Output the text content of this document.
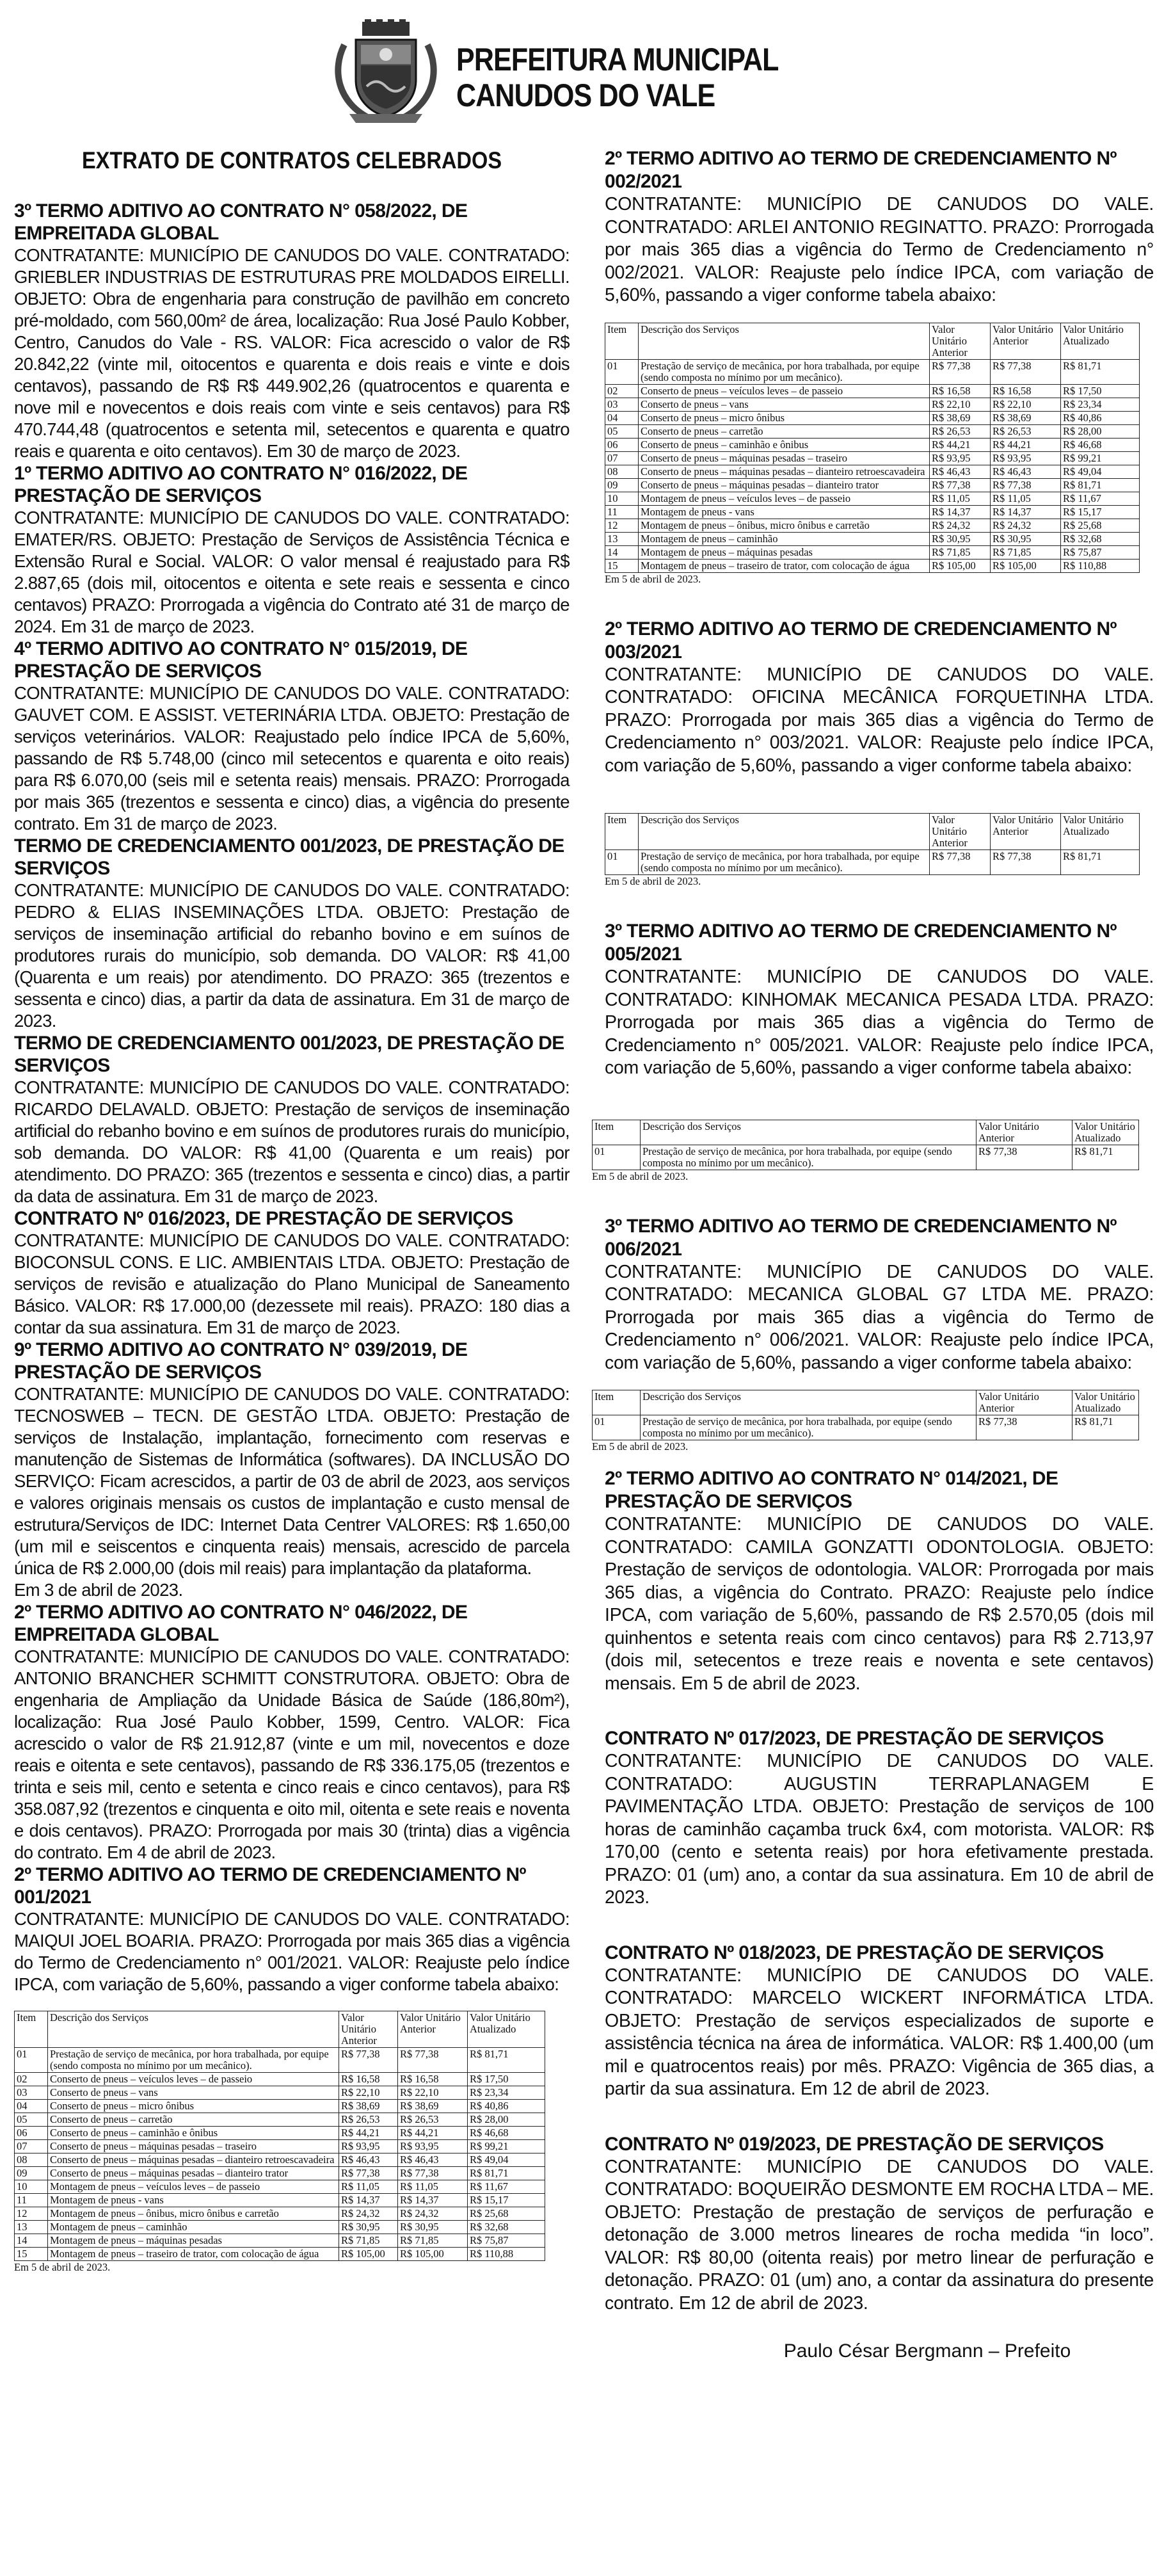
PREFEITURA MUNICIPAL
CANUDOS DO VALE
EXTRATO DE CONTRATOS CELEBRADOS

3º TERMO ADITIVO AO CONTRATO N° 058/2022, DE EMPREITADA GLOBAL

CONTRATANTE: MUNICÍPIO DE CANUDOS DO VALE. CONTRATADO: GRIEBLER INDUSTRIAS DE ESTRUTURAS PRE MOLDADOS EIRELLI. OBJETO: Obra de engenharia para construção de pavilhão em concreto pré-moldado, com 560,00m² de área, localização: Rua José Paulo Kobber, Centro, Canudos do Vale - RS. VALOR: Fica acrescido o valor de R$ 20.842,22 (vinte mil, oitocentos e quarenta e dois reais e vinte e dois centavos), passando de R$ R$ 449.902,26 (quatrocentos e quarenta e nove mil e novecentos e dois reais com vinte e seis centavos) para R$ 470.744,48 (quatrocentos e setenta mil, setecentos e quarenta e quatro reais e quarenta e oito centavos). Em 30 de março de 2023.

1º TERMO ADITIVO AO CONTRATO N° 016/2022, DE PRESTAÇÃO DE SERVIÇOS

CONTRATANTE: MUNICÍPIO DE CANUDOS DO VALE. CONTRATADO: EMATER/RS. OBJETO: Prestação de Serviços de Assistência Técnica e Extensão Rural e Social. VALOR: O valor mensal é reajustado para R$ 2.887,65 (dois mil, oitocentos e oitenta e sete reais e sessenta e cinco centavos) PRAZO: Prorrogada a vigência do Contrato até 31 de março de 2024. Em 31 de março de 2023.

4º TERMO ADITIVO AO CONTRATO N° 015/2019, DE PRESTAÇÃO DE SERVIÇOS

CONTRATANTE: MUNICÍPIO DE CANUDOS DO VALE. CONTRATADO: GAUVET COM. E ASSIST. VETERINÁRIA LTDA. OBJETO: Prestação de serviços veterinários. VALOR: Reajustado pelo índice IPCA de 5,60%, passando de R$ 5.748,00 (cinco mil setecentos e quarenta e oito reais) para R$ 6.070,00 (seis mil e setenta reais) mensais. PRAZO: Prorrogada por mais 365 (trezentos e sessenta e cinco) dias, a vigência do presente contrato. Em 31 de março de 2023.

TERMO DE CREDENCIAMENTO 001/2023, DE PRESTAÇÃO DE SERVIÇOS

CONTRATANTE: MUNICÍPIO DE CANUDOS DO VALE. CONTRATADO: PEDRO & ELIAS INSEMINAÇÕES LTDA. OBJETO: Prestação de serviços de inseminação artificial do rebanho bovino e em suínos de produtores rurais do município, sob demanda. DO VALOR: R$ 41,00 (Quarenta e um reais) por atendimento. DO PRAZO: 365 (trezentos e sessenta e cinco) dias, a partir da data de assinatura. Em 31 de março de 2023.

TERMO DE CREDENCIAMENTO 001/2023, DE PRESTAÇÃO DE SERVIÇOS

CONTRATANTE: MUNICÍPIO DE CANUDOS DO VALE. CONTRATADO: RICARDO DELAVALD. OBJETO: Prestação de serviços de inseminação artificial do rebanho bovino e em suínos de produtores rurais do município, sob demanda. DO VALOR: R$ 41,00 (Quarenta e um reais) por atendimento. DO PRAZO: 365 (trezentos e sessenta e cinco) dias, a partir da data de assinatura. Em 31 de março de 2023.

CONTRATO Nº 016/2023, DE PRESTAÇÃO DE SERVIÇOS

CONTRATANTE: MUNICÍPIO DE CANUDOS DO VALE. CONTRATADO: BIOCONSUL CONS. E LIC. AMBIENTAIS LTDA. OBJETO: Prestação de serviços de revisão e atualização do Plano Municipal de Saneamento Básico. VALOR: R$ 17.000,00 (dezessete mil reais). PRAZO: 180 dias a contar da sua assinatura. Em 31 de março de 2023.

9º TERMO ADITIVO AO CONTRATO N° 039/2019, DE PRESTAÇÃO DE SERVIÇOS

CONTRATANTE: MUNICÍPIO DE CANUDOS DO VALE. CONTRATADO: TECNOSWEB – TECN. DE GESTÃO LTDA. OBJETO: Prestação de serviços de Instalação, implantação, fornecimento com reservas e manutenção de Sistemas de Informática (softwares). DA INCLUSÃO DO SERVIÇO: Ficam acrescidos, a partir de 03 de abril de 2023, aos serviços e valores originais mensais os custos de implantação e custo mensal de estrutura/Serviços de IDC: Internet Data Centrer VALORES: R$ 1.650,00 (um mil e seiscentos e cinquenta reais) mensais, acrescido de parcela única de R$ 2.000,00 (dois mil reais) para implantação da plataforma.

Em 3 de abril de 2023.

2º TERMO ADITIVO AO CONTRATO N° 046/2022, DE EMPREITADA GLOBAL

CONTRATANTE: MUNICÍPIO DE CANUDOS DO VALE. CONTRATADO: ANTONIO BRANCHER SCHMITT CONSTRUTORA. OBJETO: Obra de engenharia de Ampliação da Unidade Básica de Saúde (186,80m²), localização: Rua José Paulo Kobber, 1599, Centro. VALOR: Fica acrescido o valor de R$ 21.912,87 (vinte e um mil, novecentos e doze reais e oitenta e sete centavos), passando de R$ 336.175,05 (trezentos e trinta e seis mil, cento e setenta e cinco reais e cinco centavos), para R$ 358.087,92 (trezentos e cinquenta e oito mil, oitenta e sete reais e noventa e dois centavos). PRAZO: Prorrogada por mais 30 (trinta) dias a vigência do contrato. Em 4 de abril de 2023.

2º TERMO ADITIVO AO TERMO DE CREDENCIAMENTO Nº 001/2021

CONTRATANTE: MUNICÍPIO DE CANUDOS DO VALE. CONTRATADO: MAIQUI JOEL BOARIA. PRAZO: Prorrogada por mais 365 dias a vigência do Termo de Credenciamento n° 001/2021. VALOR: Reajuste pelo índice IPCA, com variação de 5,60%, passando a viger conforme tabela abaixo:

Item	Descrição dos Serviços	Valor Unitário Anterior	Valor Unitário Anterior	Valor Unitário Atualizado
01	Prestação de serviço de mecânica, por hora trabalhada, por equipe (sendo composta no mínimo por um mecânico).	R$ 77,38	R$ 77,38	R$ 81,71
02	Conserto de pneus – veículos leves – de passeio	R$ 16,58	R$ 16,58	R$ 17,50
03	Conserto de pneus – vans	R$ 22,10	R$ 22,10	R$ 23,34
04	Conserto de pneus – micro ônibus	R$ 38,69	R$ 38,69	R$ 40,86
05	Conserto de pneus – carretão	R$ 26,53	R$ 26,53	R$ 28,00
06	Conserto de pneus – caminhão e ônibus	R$ 44,21	R$ 44,21	R$ 46,68
07	Conserto de pneus – máquinas pesadas – traseiro	R$ 93,95	R$ 93,95	R$ 99,21
08	Conserto de pneus – máquinas pesadas – dianteiro retroescavadeira	R$ 46,43	R$ 46,43	R$ 49,04
09	Conserto de pneus – máquinas pesadas – dianteiro trator	R$ 77,38	R$ 77,38	R$ 81,71
10	Montagem de pneus – veículos leves – de passeio	R$ 11,05	R$ 11,05	R$ 11,67
11	Montagem de pneus - vans	R$ 14,37	R$ 14,37	R$ 15,17
12	Montagem de pneus – ônibus, micro ônibus e carretão	R$ 24,32	R$ 24,32	R$ 25,68
13	Montagem de pneus – caminhão	R$ 30,95	R$ 30,95	R$ 32,68
14	Montagem de pneus – máquinas pesadas	R$ 71,85	R$ 71,85	R$ 75,87
15	Montagem de pneus – traseiro de trator, com colocação de água	R$ 105,00	R$ 105,00	R$ 110,88

Em 5 de abril de 2023.

2º TERMO ADITIVO AO TERMO DE CREDENCIAMENTO Nº 002/2021

CONTRATANTE: MUNICÍPIO DE CANUDOS DO VALE. CONTRATADO: ARLEI ANTONIO REGINATTO. PRAZO: Prorrogada por mais 365 dias a vigência do Termo de Credenciamento n° 002/2021. VALOR: Reajuste pelo índice IPCA, com variação de 5,60%, passando a viger conforme tabela abaixo:

Item	Descrição dos Serviços	Valor Unitário Anterior	Valor Unitário Anterior	Valor Unitário Atualizado
01	Prestação de serviço de mecânica, por hora trabalhada, por equipe (sendo composta no mínimo por um mecânico).	R$ 77,38	R$ 77,38	R$ 81,71
02	Conserto de pneus – veículos leves – de passeio	R$ 16,58	R$ 16,58	R$ 17,50
03	Conserto de pneus – vans	R$ 22,10	R$ 22,10	R$ 23,34
04	Conserto de pneus – micro ônibus	R$ 38,69	R$ 38,69	R$ 40,86
05	Conserto de pneus – carretão	R$ 26,53	R$ 26,53	R$ 28,00
06	Conserto de pneus – caminhão e ônibus	R$ 44,21	R$ 44,21	R$ 46,68
07	Conserto de pneus – máquinas pesadas – traseiro	R$ 93,95	R$ 93,95	R$ 99,21
08	Conserto de pneus – máquinas pesadas – dianteiro retroescavadeira	R$ 46,43	R$ 46,43	R$ 49,04
09	Conserto de pneus – máquinas pesadas – dianteiro trator	R$ 77,38	R$ 77,38	R$ 81,71
10	Montagem de pneus – veículos leves – de passeio	R$ 11,05	R$ 11,05	R$ 11,67
11	Montagem de pneus - vans	R$ 14,37	R$ 14,37	R$ 15,17
12	Montagem de pneus – ônibus, micro ônibus e carretão	R$ 24,32	R$ 24,32	R$ 25,68
13	Montagem de pneus – caminhão	R$ 30,95	R$ 30,95	R$ 32,68
14	Montagem de pneus – máquinas pesadas	R$ 71,85	R$ 71,85	R$ 75,87
15	Montagem de pneus – traseiro de trator, com colocação de água	R$ 105,00	R$ 105,00	R$ 110,88

Em 5 de abril de 2023.

2º TERMO ADITIVO AO TERMO DE CREDENCIAMENTO Nº 003/2021

CONTRATANTE: MUNICÍPIO DE CANUDOS DO VALE. CONTRATADO: OFICINA MECÂNICA FORQUETINHA LTDA. PRAZO: Prorrogada por mais 365 dias a vigência do Termo de Credenciamento n° 003/2021. VALOR: Reajuste pelo índice IPCA, com variação de 5,60%, passando a viger conforme tabela abaixo:

Item	Descrição dos Serviços	Valor Unitário Anterior	Valor Unitário Anterior	Valor Unitário Atualizado
01	Prestação de serviço de mecânica, por hora trabalhada, por equipe (sendo composta no mínimo por um mecânico).	R$ 77,38	R$ 77,38	R$ 81,71

Em 5 de abril de 2023.

3º TERMO ADITIVO AO TERMO DE CREDENCIAMENTO Nº 005/2021

CONTRATANTE: MUNICÍPIO DE CANUDOS DO VALE. CONTRATADO: KINHOMAK MECANICA PESADA LTDA. PRAZO: Prorrogada por mais 365 dias a vigência do Termo de Credenciamento n° 005/2021. VALOR: Reajuste pelo índice IPCA, com variação de 5,60%, passando a viger conforme tabela abaixo:

Item	Descrição dos Serviços	Valor Unitário Anterior	Valor Unitário Atualizado
01	Prestação de serviço de mecânica, por hora trabalhada, por equipe (sendo composta no mínimo por um mecânico).	R$ 77,38	R$ 81,71

Em 5 de abril de 2023.

3º TERMO ADITIVO AO TERMO DE CREDENCIAMENTO Nº 006/2021

CONTRATANTE: MUNICÍPIO DE CANUDOS DO VALE. CONTRATADO: MECANICA GLOBAL G7 LTDA ME. PRAZO: Prorrogada por mais 365 dias a vigência do Termo de Credenciamento n° 006/2021. VALOR: Reajuste pelo índice IPCA, com variação de 5,60%, passando a viger conforme tabela abaixo:

Item	Descrição dos Serviços	Valor Unitário Anterior	Valor Unitário Atualizado
01	Prestação de serviço de mecânica, por hora trabalhada, por equipe (sendo composta no mínimo por um mecânico).	R$ 77,38	R$ 81,71

Em 5 de abril de 2023.

2º TERMO ADITIVO AO CONTRATO N° 014/2021, DE PRESTAÇÃO DE SERVIÇOS

CONTRATANTE: MUNICÍPIO DE CANUDOS DO VALE. CONTRATADO: CAMILA GONZATTI ODONTOLOGIA. OBJETO: Prestação de serviços de odontologia. VALOR: Prorrogada por mais 365 dias, a vigência do Contrato. PRAZO: Reajuste pelo índice IPCA, com variação de 5,60%, passando de R$ 2.570,05 (dois mil quinhentos e setenta reais com cinco centavos) para R$ 2.713,97 (dois mil, setecentos e treze reais e noventa e sete centavos) mensais. Em 5 de abril de 2023.

CONTRATO Nº 017/2023, DE PRESTAÇÃO DE SERVIÇOS

CONTRATANTE: MUNICÍPIO DE CANUDOS DO VALE. CONTRATADO: AUGUSTIN TERRAPLANAGEM E PAVIMENTAÇÃO LTDA. OBJETO: Prestação de serviços de 100 horas de caminhão caçamba truck 6x4, com motorista. VALOR: R$ 170,00 (cento e setenta reais) por hora efetivamente prestada. PRAZO: 01 (um) ano, a contar da sua assinatura. Em 10 de abril de 2023.

CONTRATO Nº 018/2023, DE PRESTAÇÃO DE SERVIÇOS

CONTRATANTE: MUNICÍPIO DE CANUDOS DO VALE. CONTRATADO: MARCELO WICKERT INFORMÁTICA LTDA. OBJETO: Prestação de serviços especializados de suporte e assistência técnica na área de informática. VALOR: R$ 1.400,00 (um mil e quatrocentos reais) por mês. PRAZO: Vigência de 365 dias, a partir da sua assinatura. Em 12 de abril de 2023.

CONTRATO Nº 019/2023, DE PRESTAÇÃO DE SERVIÇOS

CONTRATANTE: MUNICÍPIO DE CANUDOS DO VALE. CONTRATADO: BOQUEIRÃO DESMONTE EM ROCHA LTDA – ME. OBJETO: Prestação de prestação de serviços de perfuração e detonação de 3.000 metros lineares de rocha medida “in loco”. VALOR: R$ 80,00 (oitenta reais) por metro linear de perfuração e detonação. PRAZO: 01 (um) ano, a contar da assinatura do presente contrato. Em 12 de abril de 2023.

Paulo César Bergmann – Prefeito
